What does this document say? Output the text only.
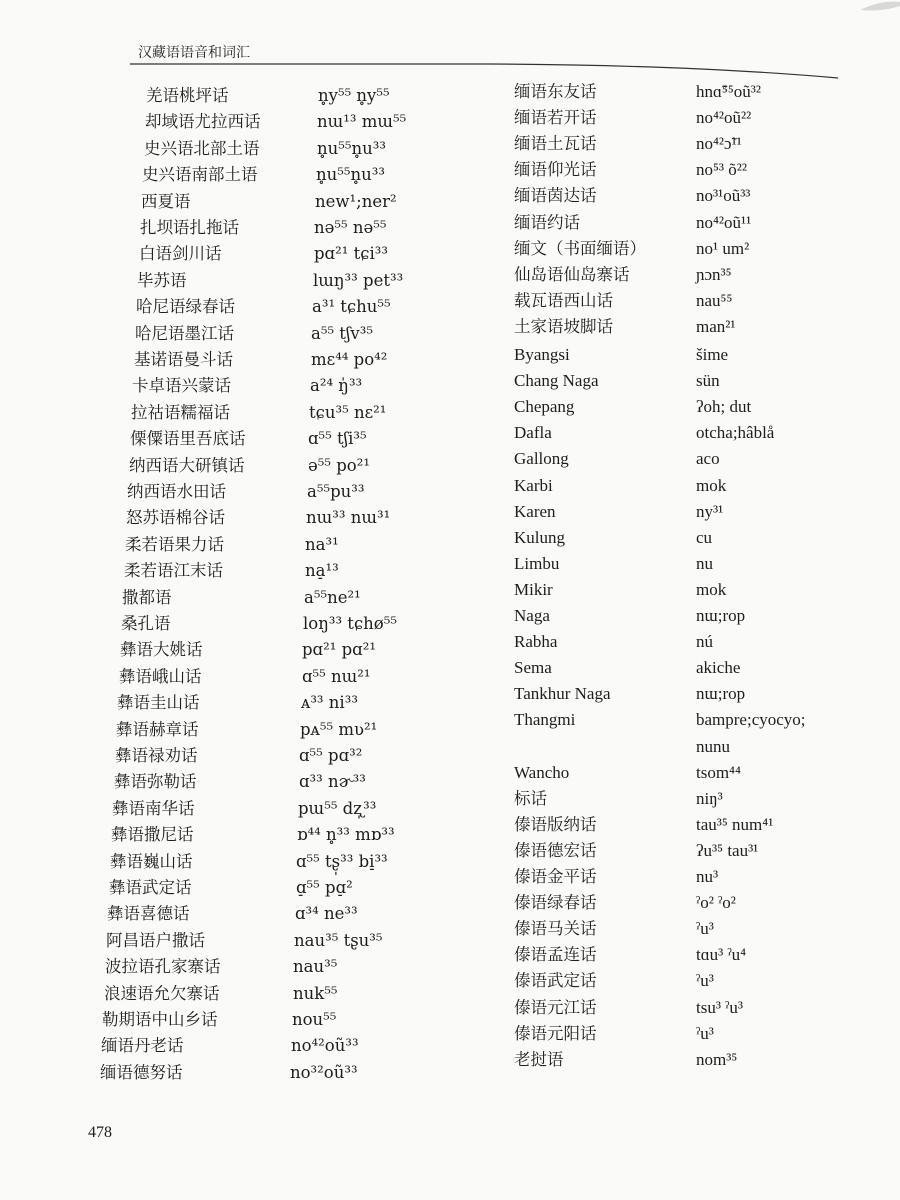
汉藏语语音和词汇
羌语桃坪话	n̥y⁵⁵ n̥y⁵⁵
却域语尤拉西话	nɯ¹³ mɯ⁵⁵
史兴语北部土语	n̥u⁵⁵n̥u³³
史兴语南部土语	n̥u⁵⁵n̥u³³
西夏语	new¹;ner²
扎坝语扎拖话	nə⁵⁵ nə⁵⁵
白语剑川话	pɑ²¹ tɕi³³
毕苏语	lɯŋ³³ pet³³
哈尼语绿春话	a³¹ tɕhu⁵⁵
哈尼语墨江话	a⁵⁵ tʃv³⁵
基诺语曼斗话	mɛ⁴⁴ po⁴²
卡卓语兴蒙话	a²⁴ ŋ̍³³
拉祜语糯福话	tɕu³⁵ nɛ²¹
傈僳语里吾底话	ɑ⁵⁵ tʃi³⁵
纳西语大研镇话	ə⁵⁵ po²¹
纳西语水田话	a⁵⁵pu³³
怒苏语棉谷话	nɯ³³ nɯ³¹
柔若语果力话	na³¹
柔若语江末话	na̠¹³
撒都语	a⁵⁵ne²¹
桑孔语	loŋ³³ tɕhø⁵⁵
彝语大姚话	pɑ²¹ pɑ²¹
彝语峨山话	ɑ⁵⁵ nɯ²¹
彝语圭山话	ᴀ³³ ni³³
彝语赫章话	pᴀ⁵⁵ mʋ²¹
彝语禄劝话	ɑ⁵⁵ pɑ³²
彝语弥勒话	ɑ³³ nɚ³³
彝语南华话	pɯ⁵⁵ dʐ̩³³
彝语撒尼话	ɒ⁴⁴ n̥³³ mɒ³³
彝语巍山话	ɑ⁵⁵ tʂ̩³³ bi̠³³
彝语武定话	ɑ̠⁵⁵ pɑ̠²
彝语喜德话	ɑ³⁴ ne³³
阿昌语户撒话	nau³⁵ tʂu³⁵
波拉语孔家寨话	nau³⁵
浪速语允欠寨话	nuk⁵⁵
勒期语中山乡话	nou⁵⁵
缅语丹老话	no⁴²oũ³³
缅语德努话	no³²oũ³³
缅语东友话	hnɑ̃⁵⁵oũ³²
缅语若开话	no⁴²oũ²²
缅语土瓦话	no⁴²ɔ̃¹¹
缅语仰光话	no⁵³ õ²²
缅语茵达话	no³¹oũ³³
缅语约话	no⁴²oũ¹¹
缅文（书面缅语）	no¹ um²
仙岛语仙岛寨话	ɲɔn³⁵
载瓦语西山话	nau⁵⁵
土家语坡脚话	man²¹
Byangsi	šime
Chang Naga	sün
Chepang	ʔoh; dut
Dafla	otcha;hâblå
Gallong	aco
Karbi	mok
Karen	ny³¹
Kulung	cu
Limbu	nu
Mikir	mok
Naga	nɯ;rop
Rabha	nú
Sema	akiche
Tankhur Naga	nɯ;rop
Thangmi	bampre;cyocyo;
nunu
Wancho	tsom⁴⁴
标话	niŋ³
傣语版纳话	tau³⁵ num⁴¹
傣语德宏话	ʔu³⁵ tau³¹
傣语金平话	nu³
傣语绿春话	ˀo² ˀo²
傣语马关话	ˀu³
傣语孟连话	tɑu³ ˀu⁴
傣语武定话	ˀu³
傣语元江话	tsu³ ˀu³
傣语元阳话	ˀu³
老挝语	nom³⁵
478
